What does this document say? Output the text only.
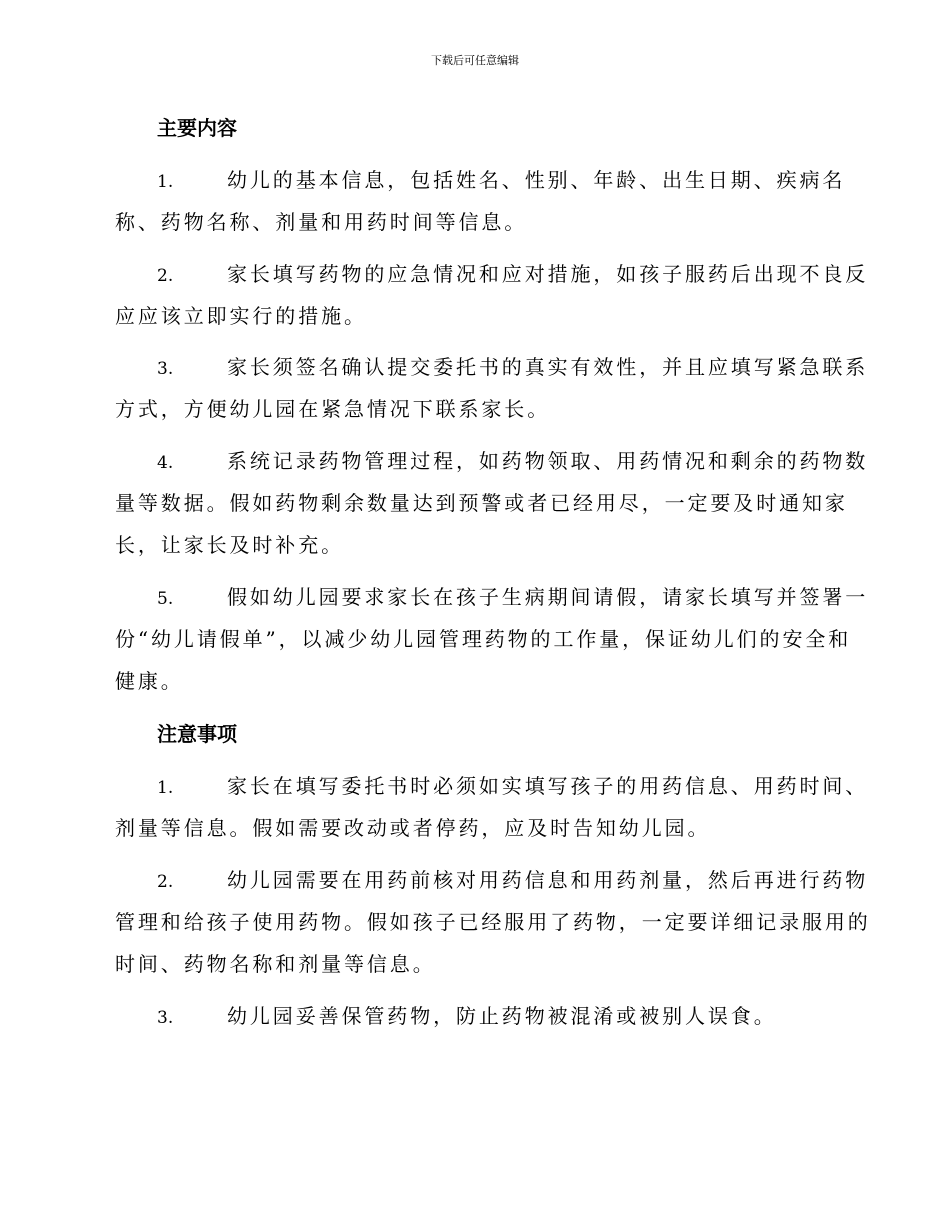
下载后可任意编辑
主要内容
1.	幼儿的基本信息，包括姓名、性别、年龄、出生日期、疾病名
称、药物名称、剂量和用药时间等信息。
2.	家长填写药物的应急情况和应对措施，如孩子服药后出现不良反
应应该立即实行的措施。
3.	家长须签名确认提交委托书的真实有效性，并且应填写紧急联系
方式，方便幼儿园在紧急情况下联系家长。
4.	系统记录药物管理过程，如药物领取、用药情况和剩余的药物数
量等数据。假如药物剩余数量达到预警或者已经用尽，一定要及时通知家
长，让家长及时补充。
5.	假如幼儿园要求家长在孩子生病期间请假，请家长填写并签署一
份“幼儿请假单”，以减少幼儿园管理药物的工作量，保证幼儿们的安全和
健康。
注意事项
1.	家长在填写委托书时必须如实填写孩子的用药信息、用药时间、
剂量等信息。假如需要改动或者停药，应及时告知幼儿园。
2.	幼儿园需要在用药前核对用药信息和用药剂量，然后再进行药物
管理和给孩子使用药物。假如孩子已经服用了药物，一定要详细记录服用的
时间、药物名称和剂量等信息。
3.	幼儿园妥善保管药物，防止药物被混淆或被别人误食。
